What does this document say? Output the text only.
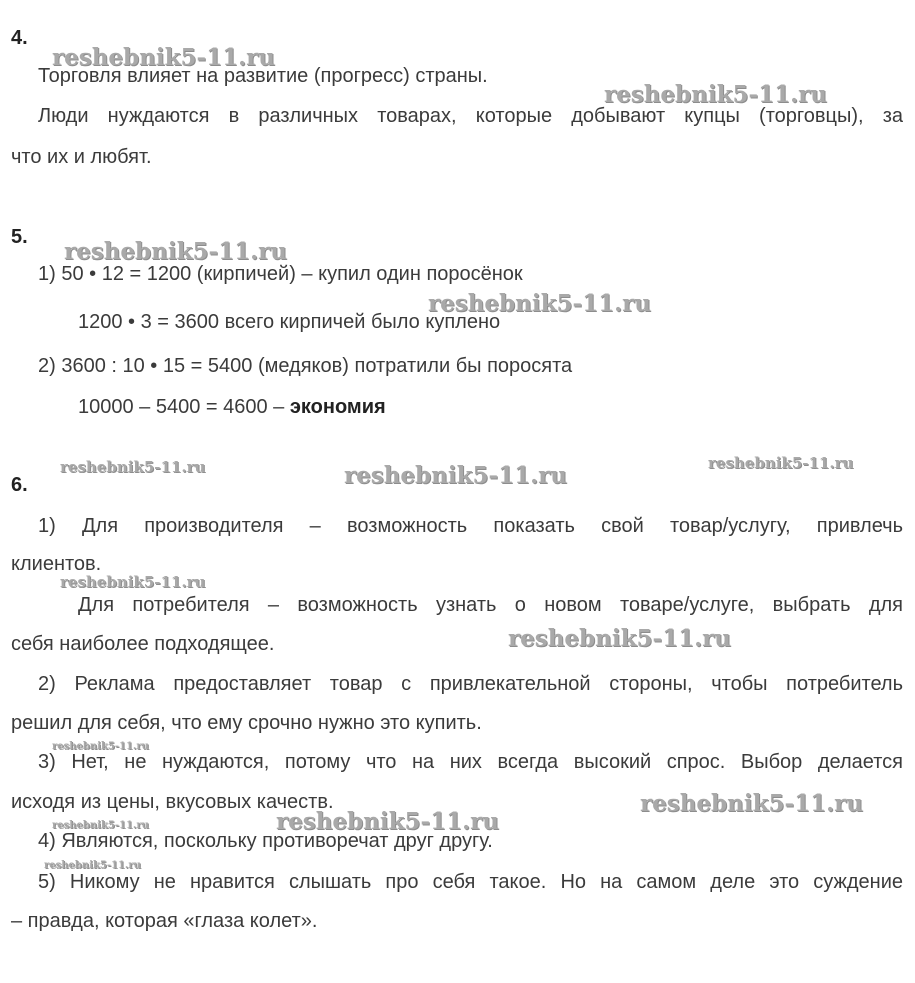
4.
Торговля влияет на развитие (прогресс) страны.
Люди нуждаются в различных товарах, которые добывают купцы (торговцы), за
что их и любят.
5.
1) 50 • 12 = 1200 (кирпичей) – купил один поросёнок
1200 • 3 = 3600 всего кирпичей было куплено
2) 3600 : 10 • 15 = 5400 (медяков) потратили бы поросята
10000 – 5400 = 4600 – экономия
6.
1) Для производителя – возможность показать свой товар/услугу, привлечь
клиентов.
Для потребителя – возможность узнать о новом товаре/услуге, выбрать для
себя наиболее подходящее.
2) Реклама предоставляет товар с привлекательной стороны, чтобы потребитель
решил для себя, что ему срочно нужно это купить.
3) Нет, не нуждаются, потому что на них всегда высокий спрос. Выбор делается
исходя из цены, вкусовых качеств.
4) Являются, поскольку противоречат друг другу.
5) Никому не нравится слышать про себя такое. Но на самом деле это суждение
– правда, которая «глаза колет».
reshebnik5-11.ru
reshebnik5-11.ru
reshebnik5-11.ru
reshebnik5-11.ru
reshebnik5-11.ru	reshebnik5-11.ru	reshebnik5-11.ru
reshebnik5-11.ru
reshebnik5-11.ru
reshebnik5-11.ru
reshebnik5-11.ru
reshebnik5-11.ru	reshebnik5-11.ru
reshebnik5-11.ru
